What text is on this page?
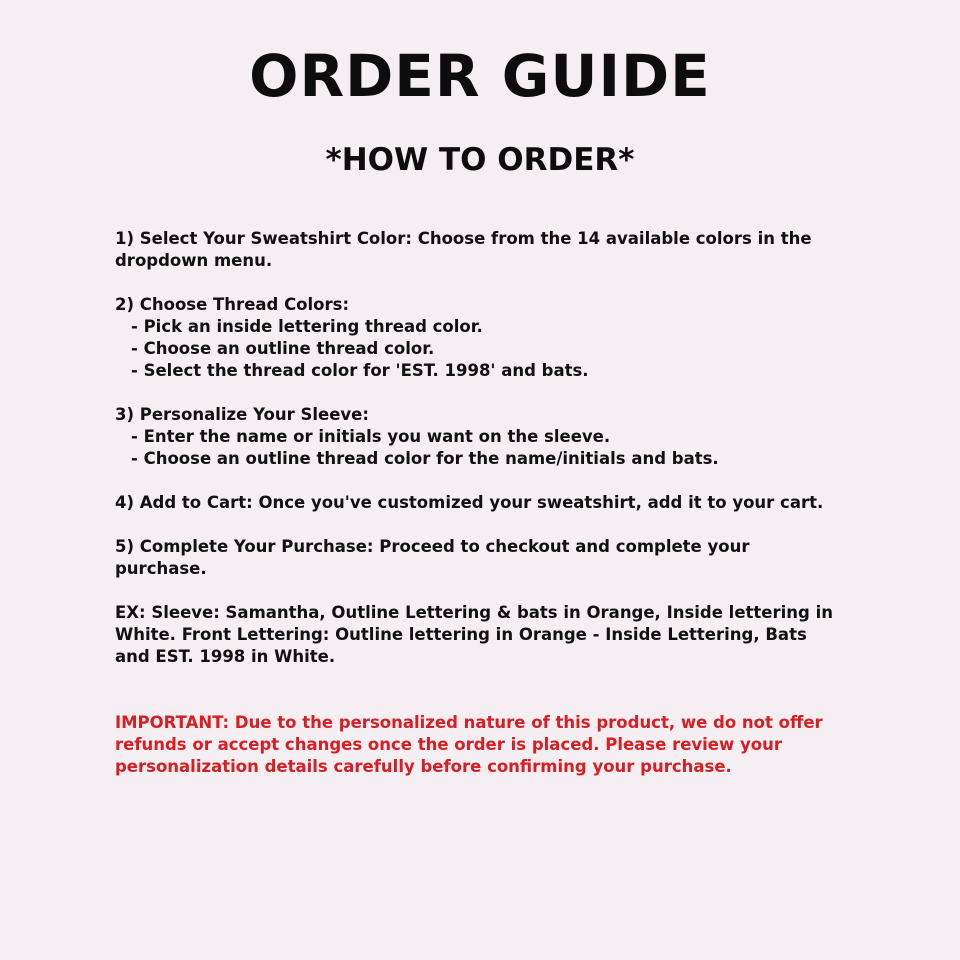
ORDER GUIDE
*HOW TO ORDER*

1) Select Your Sweatshirt Color: Choose from the 14 available colors in the dropdown menu.

2) Choose Thread Colors:

- Pick an inside lettering thread color.

- Choose an outline thread color.

- Select the thread color for 'EST. 1998' and bats.

3) Personalize Your Sleeve:

- Enter the name or initials you want on the sleeve.

- Choose an outline thread color for the name/initials and bats.

4) Add to Cart: Once you've customized your sweatshirt, add it to your cart.

5) Complete Your Purchase: Proceed to checkout and complete your purchase.

EX: Sleeve: Samantha, Outline Lettering & bats in Orange, Inside lettering in White. Front Lettering: Outline lettering in Orange - Inside Lettering, Bats and EST. 1998 in White.

IMPORTANT: Due to the personalized nature of this product, we do not offer refunds or accept changes once the order is placed. Please review your personalization details carefully before confirming your purchase.
